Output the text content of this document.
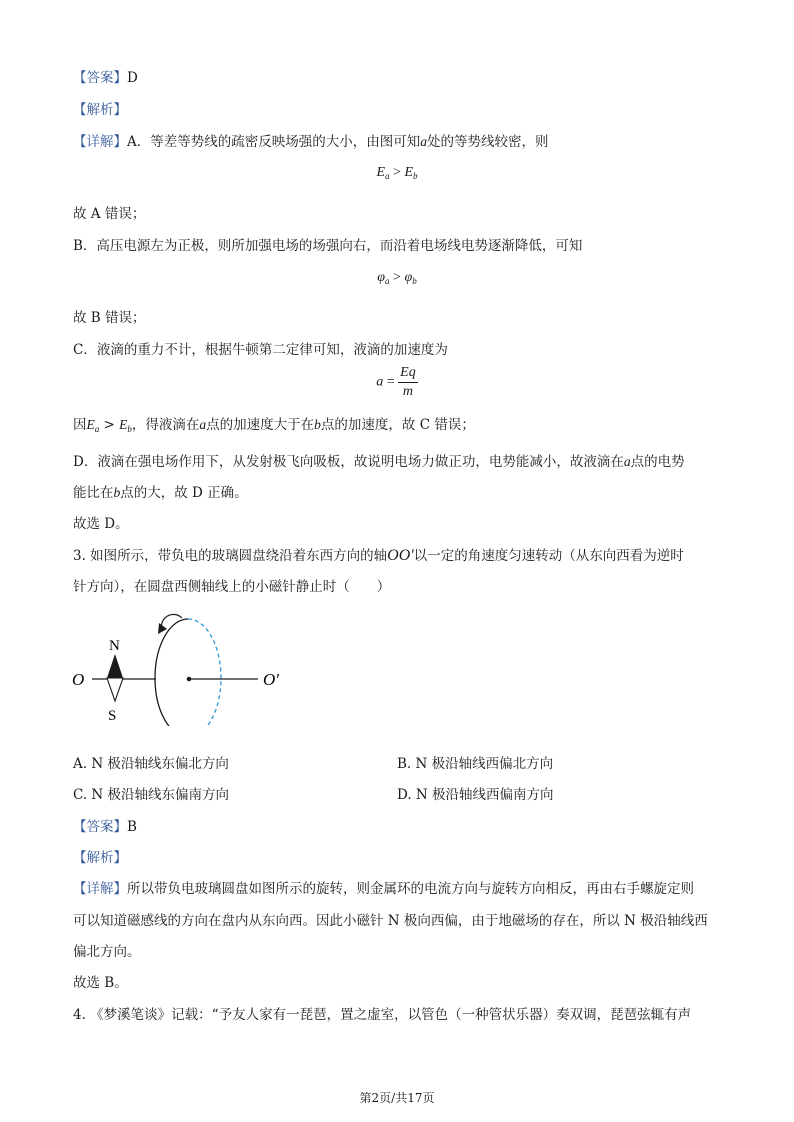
【答案】D
【解析】
【详解】A．等差等势线的疏密反映场强的大小，由图可知a处的等势线较密，则
$E_a > E_b$
故 A 错误；
B．高压电源左为正极，则所加强电场的场强向右，而沿着电场线电势逐渐降低，可知
$\varphi_a > \varphi_b$
故 B 错误；
C．液滴的重力不计，根据牛顿第二定律可知，液滴的加速度为
$a = \frac{Eq}{m}$
因$E_a > E_b$，得液滴在a点的加速度大于在b点的加速度，故 C 错误；
D．液滴在强电场作用下，从发射极飞向吸板，故说明电场力做正功，电势能减小，故液滴在a点的电势
能比在b点的大，故 D 正确。
故选 D。
3. 如图所示，带负电的玻璃圆盘绕沿着东西方向的轴OO′以一定的角速度匀速转动（从东向西看为逆时
针方向），在圆盘西侧轴线上的小磁针静止时（　　）
N
S
O	O′
A. N 极沿轴线东偏北方向	B. N 极沿轴线西偏北方向
C. N 极沿轴线东偏南方向	D. N 极沿轴线西偏南方向
【答案】B
【解析】
【详解】所以带负电玻璃圆盘如图所示的旋转，则金属环的电流方向与旋转方向相反，再由右手螺旋定则
可以知道磁感线的方向在盘内从东向西。因此小磁针 N 极向西偏，由于地磁场的存在，所以 N 极沿轴线西
偏北方向。
故选 B。
4. 《梦溪笔谈》记载：“予友人家有一琵琶，置之虚室，以管色（一种管状乐器）奏双调，琵琶弦辄有声
第2页/共17页
